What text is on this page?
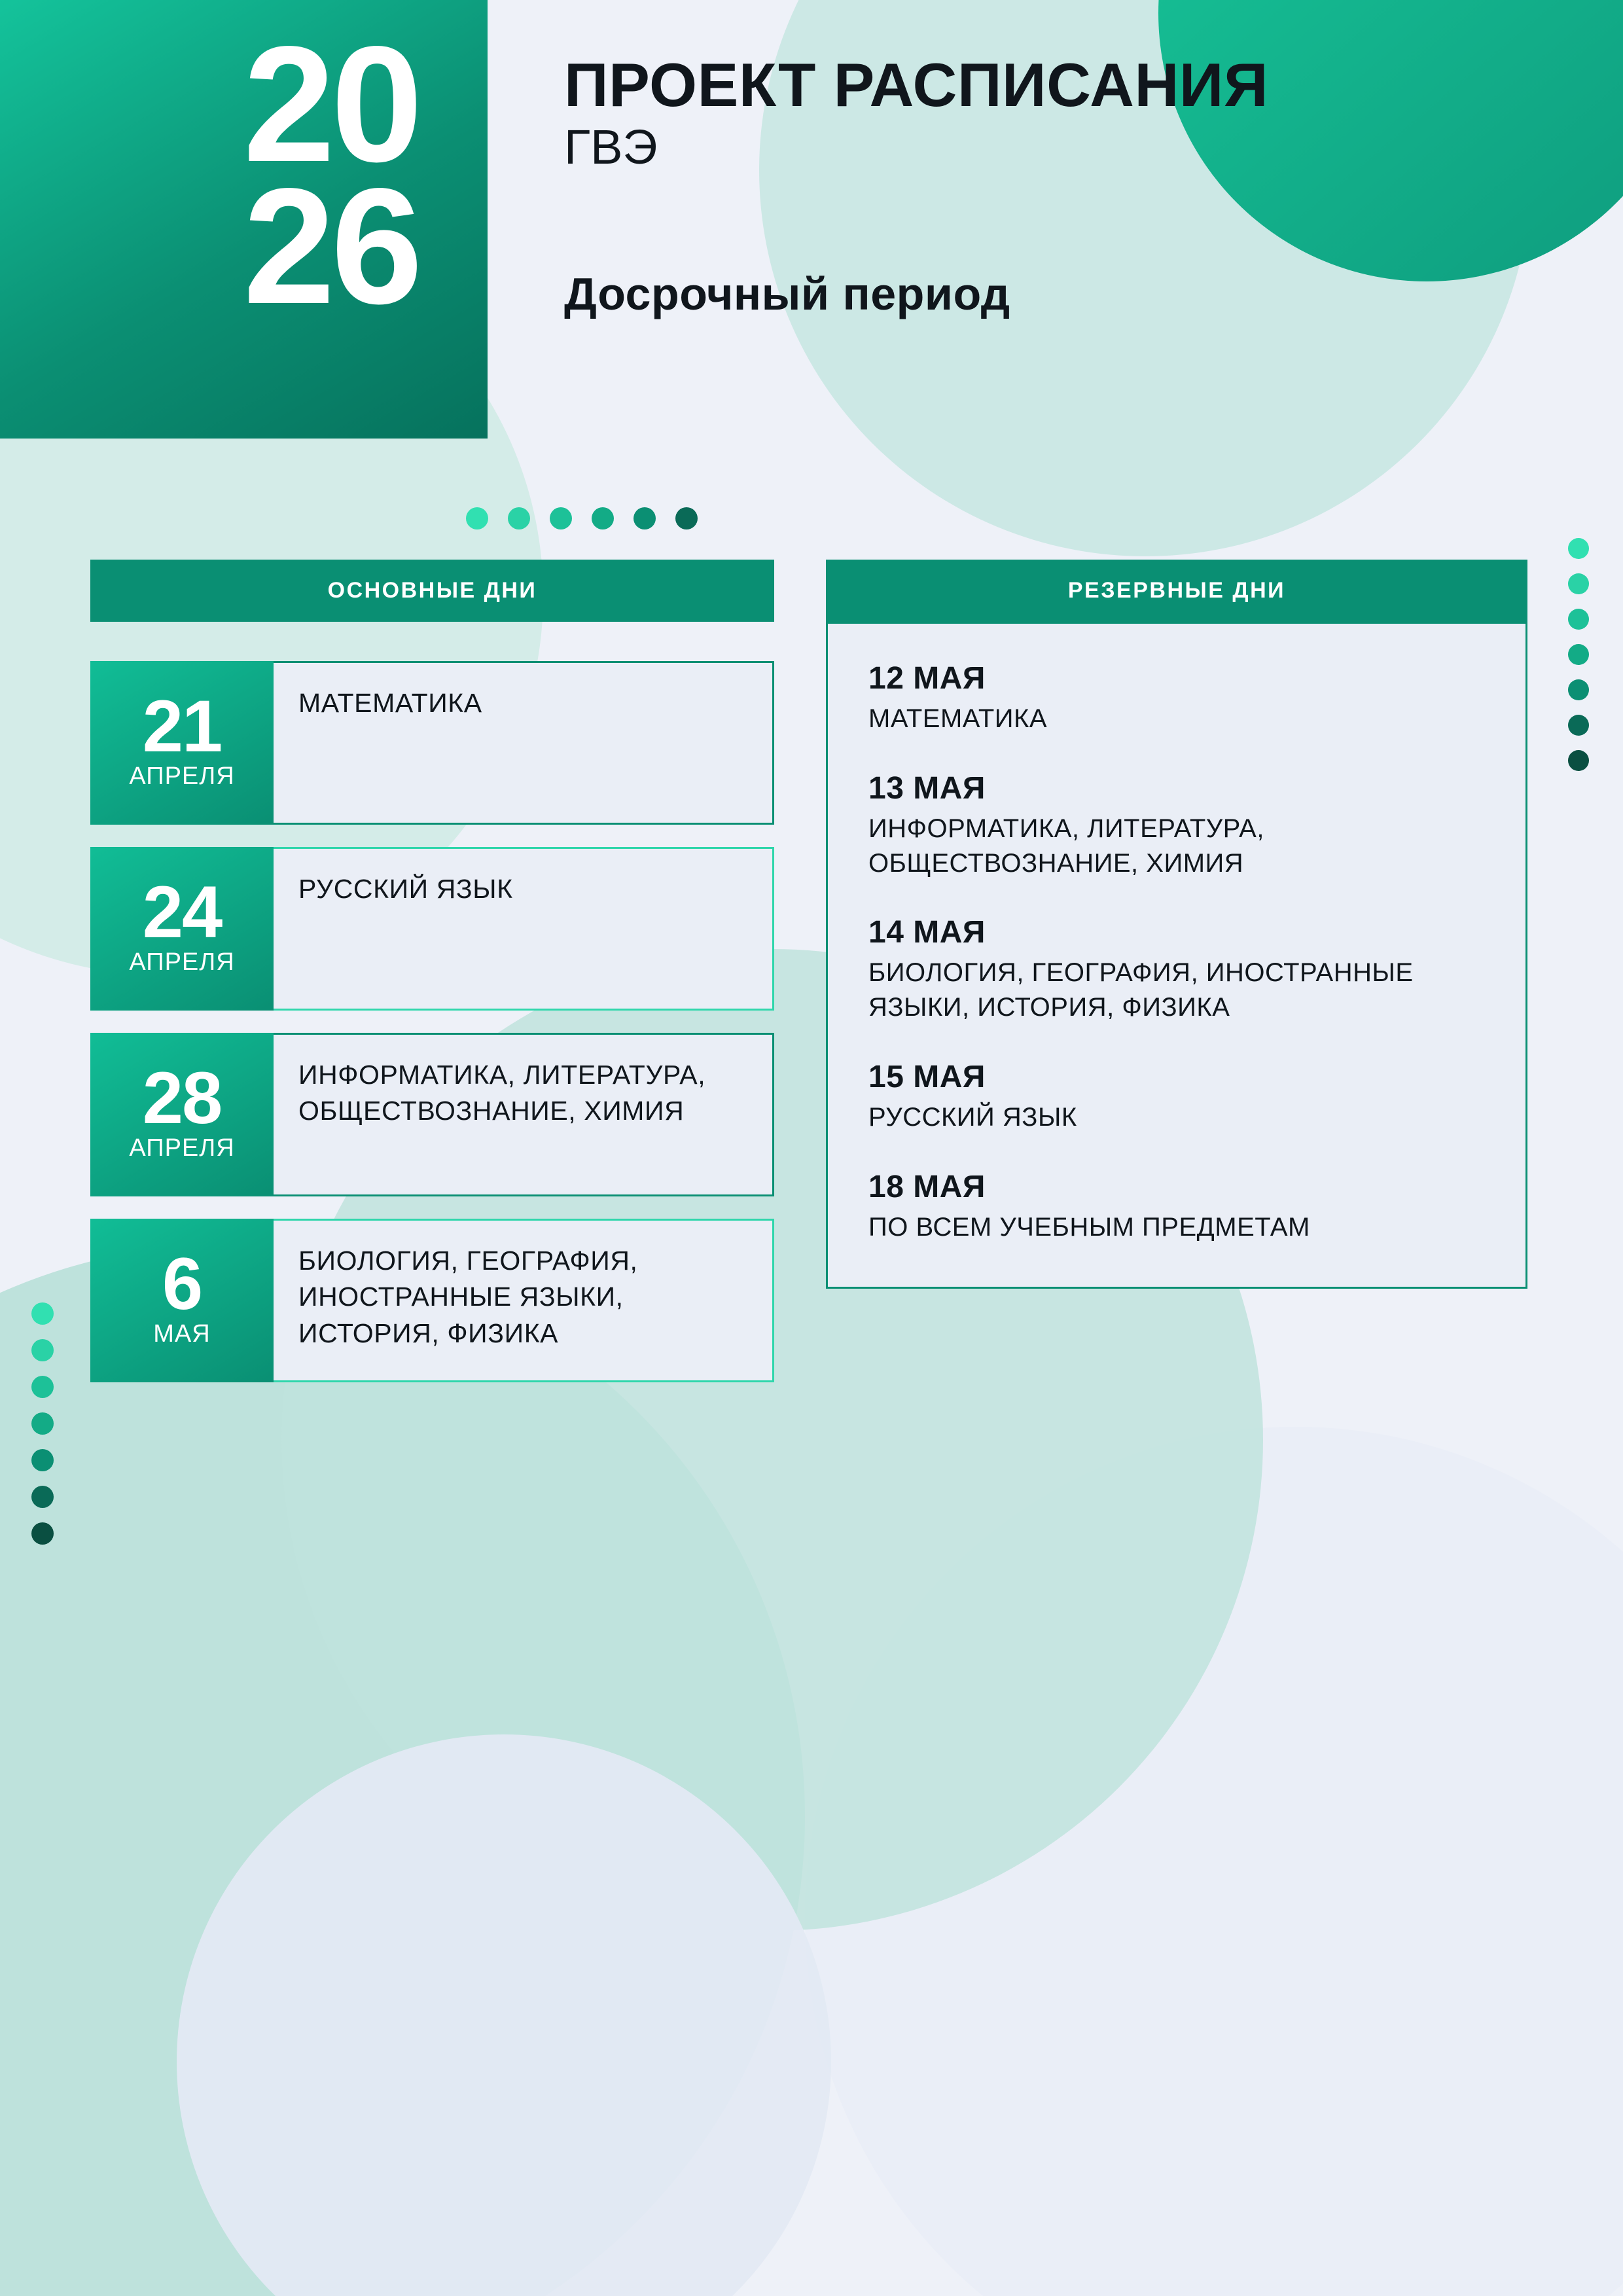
20
26
ПРОЕКТ РАСПИСАНИЯ
ГВЭ
Досрочный период
ОСНОВНЫЕ ДНИ
21
АПРЕЛЯ
МАТЕМАТИКА
24
АПРЕЛЯ
РУССКИЙ ЯЗЫК
28
АПРЕЛЯ
ИНФОРМАТИКА, ЛИТЕРАТУРА, ОБЩЕСТВОЗНАНИЕ, ХИМИЯ
6
МАЯ
БИОЛОГИЯ, ГЕОГРАФИЯ, ИНОСТРАННЫЕ ЯЗЫКИ, ИСТОРИЯ, ФИЗИКА
РЕЗЕРВНЫЕ ДНИ
12 МАЯ
МАТЕМАТИКА
13 МАЯ
ИНФОРМАТИКА, ЛИТЕРАТУРА, ОБЩЕСТВОЗНАНИЕ, ХИМИЯ
14 МАЯ
БИОЛОГИЯ, ГЕОГРАФИЯ, ИНОСТРАННЫЕ ЯЗЫКИ, ИСТОРИЯ, ФИЗИКА
15 МАЯ
РУССКИЙ ЯЗЫК
18 МАЯ
ПО ВСЕМ УЧЕБНЫМ ПРЕДМЕТАМ
